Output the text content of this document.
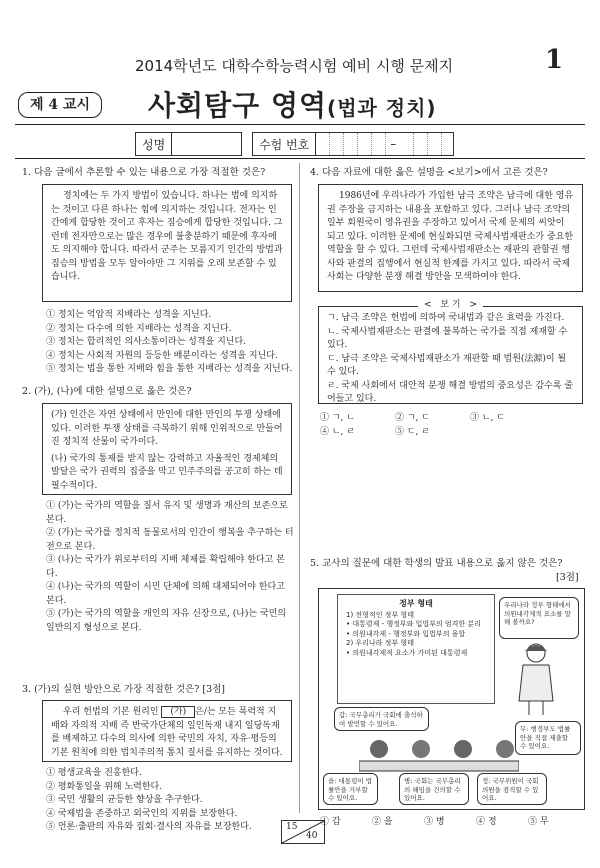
2014학년도 대학수학능력시험 예비 시행 문제지	1
제 4 교시	사회탐구 영역(법과 정치)
성명	수험 번호	–
1. 다음 글에서 추론할 수 있는 내용으로 가장 적절한 것은?
정치에는 두 가지 방법이 있습니다. 하나는 법에 의지하는 것이고 다른 하나는 힘에 의지하는 것입니다. 전자는 인간에게 합당한 것이고 후자는 짐승에게 합당한 것입니다. 그런데 전자만으로는 많은 경우에 불충분하기 때문에 후자에도 의지해야 합니다. 따라서 군주는 모름지기 인간의 방법과 짐승의 방법을 모두 알아야만 그 지위를 오래 보존할 수 있습니다.
① 정치는 억압적 지배라는 성격을 지닌다.
② 정치는 다수에 의한 지배라는 성격을 지닌다.
③ 정치는 합리적인 의사소통이라는 성격을 지닌다.
④ 정치는 사회적 자원의 등등한 배분이라는 성격을 지닌다.
⑤ 정치는 법을 통한 지배와 힘을 통한 지배라는 성격을 지닌다.
2. (가), (나)에 대한 설명으로 옳은 것은?
(가) 인간은 자연 상태에서 만인에 대한 만인의 투쟁 상태에 있다. 이러한 투쟁 상태를 극복하기 위해 인위적으로 만들어진 정치적 산물이 국가이다.
(나) 국가의 통제를 받지 않는 강력하고 자율적인 경제체의 발달은 국가 권력의 집중을 막고 민주주의를 공고히 하는 데 필수적이다.
① (가)는 국가의 역할을 질서 유지 및 생명과 재산의 보존으로 본다.
② (가)는 국가를 정치적 동물로서의 인간이 행복을 추구하는 터전으로 본다.
③ (나)는 국가가 위로부터의 지배 체제를 확립해야 한다고 본다.
④ (나)는 국가의 역할이 시민 단체에 의해 대체되어야 한다고 본다.
⑤ (가)는 국가의 역할을 개인의 자유 신장으로, (나)는 국민의 일반의지 형성으로 본다.
3. (가)의 실현 방안으로 가장 적절한 것은? [3점]
우리 헌법의 기본 원리인 (가) 은/는 모든 폭력적 지배와 자의적 지배 즉 반국가단체의 일인독재 내지 일당독재를 배제하고 다수의 의사에 의한 국민의 자치, 자유·평등의 기본 원칙에 의한 법치주의적 통치 질서를 유지하는 것이다.
① 평생교육을 진흥한다.
② 평화통일을 위해 노력한다.
③ 국민 생활의 균등한 향상을 추구한다.
④ 국제법을 존중하고 외국인의 지위를 보장한다.
⑤ 언론·출판의 자유와 집회·결사의 자유를 보장한다.
4. 다음 자료에 대한 옳은 설명을 <보기>에서 고른 것은?
1986년에 우리나라가 가입한 남극 조약은 남극에 대한 영유권 주장을 금지하는 내용을 포함하고 있다. 그러나 남극 조약의 일부 회원국이 영유권을 주장하고 있어서 국제 문제의 씨앗이 되고 있다. 이러한 문제에 현실화되면 국제사법재판소가 중요한 역할을 할 수 있다. 그런데 국제사법재판소는 재판의 관할권 행사와 판결의 집행에서 현실적 한계를 가지고 있다. 따라서 국제 사회는 다양한 분쟁 해결 방안을 모색하여야 한다.
< 보 기 >
ㄱ. 남극 조약은 헌법에 의하여 국내법과 같은 효력을 가진다.
ㄴ. 국제사법재판소는 판결에 불복하는 국가를 직접 제재할 수 있다.
ㄷ. 남극 조약은 국제사법재판소가 재판할 때 법원(法源)이 될 수 있다.
ㄹ. 국제 사회에서 대안적 분쟁 해결 방법의 중요성은 감수록 줄어들고 있다.
① ㄱ, ㄴ	② ㄱ, ㄷ	③ ㄴ, ㄷ
④ ㄴ, ㄹ	⑤ ㄷ, ㄹ
5. 교사의 질문에 대한 학생의 발표 내용으로 옳지 않은 것은?
[3점]
정부 형태
1) 전형적인 정부 형태
• 대통령제 - 행정부와 입법부의 엄격한 분리
• 의원내각제 - 행정부와 입법부의 융합
2) 우리나라 정부 형태
• 의원내각제적 요소가 가미된 대통령제
우리나라 정부 형태에서 의원내각제적 요소를 말해 볼까요?
갑: 국무총리가 국회에 출석하여 발언할 수 있어요.
무: 행정부도 법률안을 직접 제출할 수 있어요.
을: 대통령이 법률안을 거부할 수 있어요.
병: 국회는 국무총리의 해임을 건의할 수 있어요.
정: 국무위원이 국회의원을 겸직할 수 있어요.
① 갑	② 을	③ 병	④ 정	⑤ 무
15
40
